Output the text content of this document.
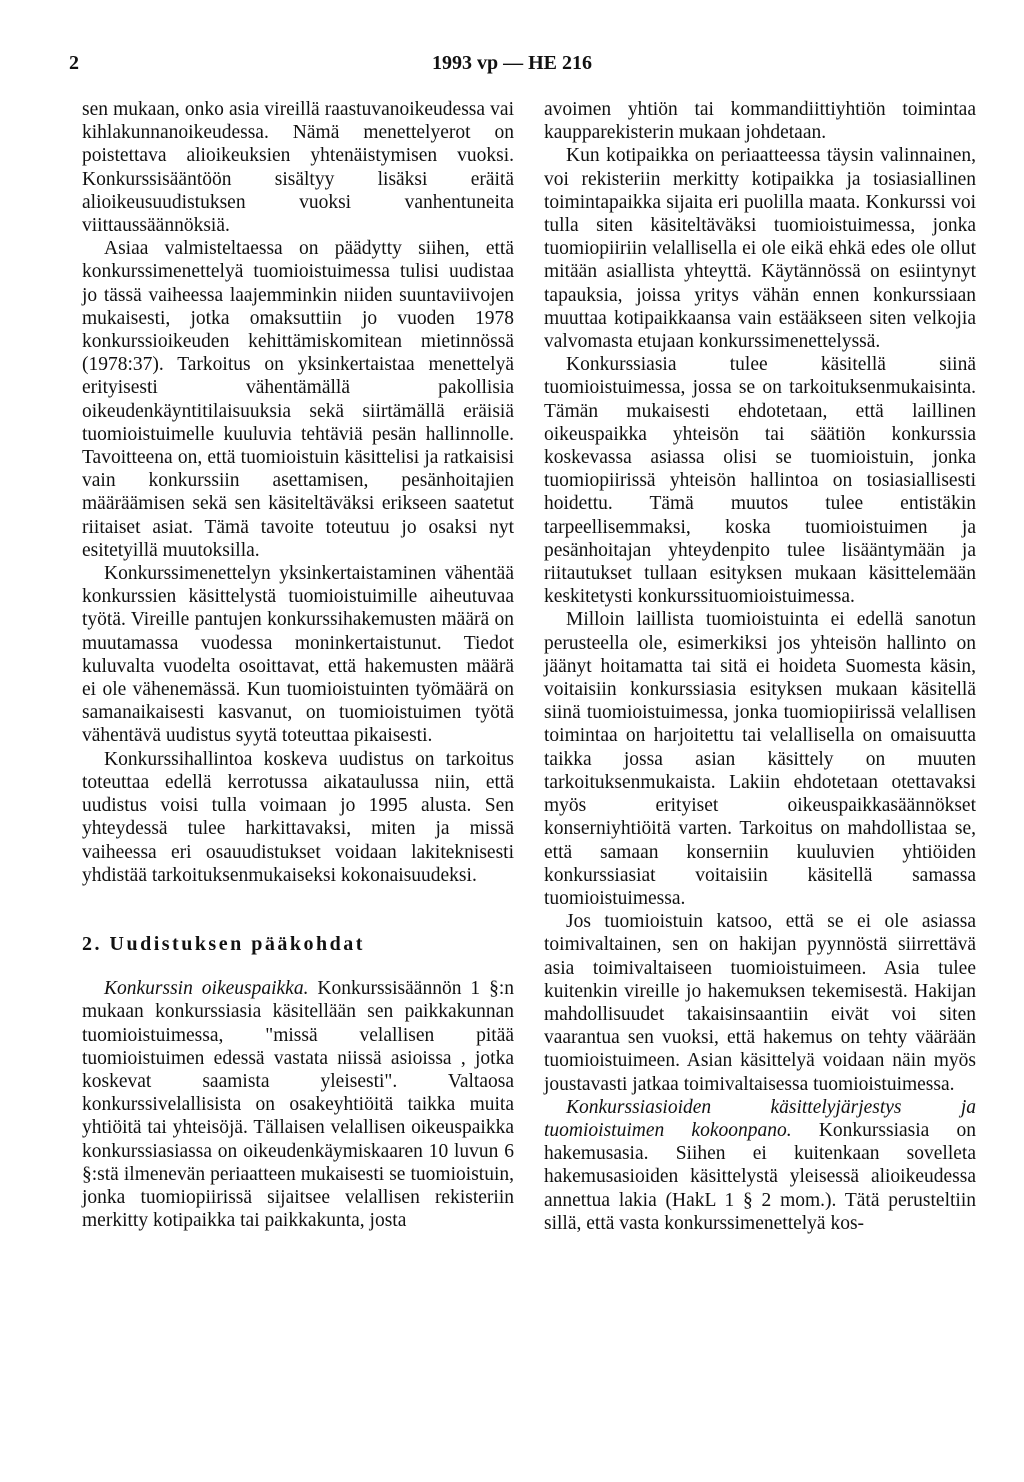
2	1993 vp — HE 216

sen mukaan, onko asia vireillä raastuvanoikeudessa vai kihlakunnanoikeudessa. Nämä menettelyerot on poistettava alioikeuksien yhtenäistymisen vuoksi. Konkurssisääntöön sisältyy lisäksi eräitä alioikeusuudistuksen vuoksi vanhentuneita viittaussäännöksiä.

Asiaa valmisteltaessa on päädytty siihen, että konkurssimenettelyä tuomioistuimessa tulisi uudistaa jo tässä vaiheessa laajemminkin niiden suuntaviivojen mukaisesti, jotka omaksuttiin jo vuoden 1978 konkurssioikeuden kehittämiskomitean mietinnössä (1978:37). Tarkoitus on yksinkertaistaa menettelyä erityisesti vähentämällä pakollisia oikeudenkäyntitilaisuuksia sekä siirtämällä eräisiä tuomioistuimelle kuuluvia tehtäviä pesän hallinnolle. Tavoitteena on, että tuomioistuin käsittelisi ja ratkaisisi vain konkurssiin asettamisen, pesänhoitajien määräämisen sekä sen käsiteltäväksi erikseen saatetut riitaiset asiat. Tämä tavoite toteutuu jo osaksi nyt esitetyillä muutoksilla.

Konkurssimenettelyn yksinkertaistaminen vähentää konkurssien käsittelystä tuomioistuimille aiheutuvaa työtä. Vireille pantujen konkurssihakemusten määrä on muutamassa vuodessa moninkertaistunut. Tiedot kuluvalta vuodelta osoittavat, että hakemusten määrä ei ole vähenemässä. Kun tuomioistuinten työmäärä on samanaikaisesti kasvanut, on tuomioistuimen työtä vähentävä uudistus syytä toteuttaa pikaisesti.

Konkurssihallintoa koskeva uudistus on tarkoitus toteuttaa edellä kerrotussa aikataulussa niin, että uudistus voisi tulla voimaan jo 1995 alusta. Sen yhteydessä tulee harkittavaksi, miten ja missä vaiheessa eri osauudistukset voidaan lakiteknisesti yhdistää tarkoituksenmukaiseksi kokonaisuudeksi.

2. Uudistuksen pääkohdat

Konkurssin oikeuspaikka. Konkurssisäännön 1 §:n mukaan konkurssiasia käsitellään sen paikkakunnan tuomioistuimessa, "missä velallisen pitää tuomioistuimen edessä vastata niissä asioissa , jotka koskevat saamista yleisesti". Valtaosa konkurssivelallisista on osakeyhtiöitä taikka muita yhtiöitä tai yhteisöjä. Tällaisen velallisen oikeuspaikka konkurssiasiassa on oikeudenkäymiskaaren 10 luvun 6 §:stä ilmenevän periaatteen mukaisesti se tuomioistuin, jonka tuomiopiirissä sijaitsee velallisen rekisteriin merkitty kotipaikka tai paikkakunta, josta

avoimen yhtiön tai kommandiittiyhtiön toimintaa kaupparekisterin mukaan johdetaan.

Kun kotipaikka on periaatteessa täysin valinnainen, voi rekisteriin merkitty kotipaikka ja tosiasiallinen toimintapaikka sijaita eri puolilla maata. Konkurssi voi tulla siten käsiteltäväksi tuomioistuimessa, jonka tuomiopiiriin velallisella ei ole eikä ehkä edes ole ollut mitään asiallista yhteyttä. Käytännössä on esiintynyt tapauksia, joissa yritys vähän ennen konkurssiaan muuttaa kotipaikkaansa vain estääkseen siten velkojia valvomasta etujaan konkurssimenettelyssä.

Konkurssiasia tulee käsitellä siinä tuomioistuimessa, jossa se on tarkoituksenmukaisinta. Tämän mukaisesti ehdotetaan, että laillinen oikeuspaikka yhteisön tai säätiön konkurssia koskevassa asiassa olisi se tuomioistuin, jonka tuomiopiirissä yhteisön hallintoa on tosiasiallisesti hoidettu. Tämä muutos tulee entistäkin tarpeellisemmaksi, koska tuomioistuimen ja pesänhoitajan yhteydenpito tulee lisääntymään ja riitautukset tullaan esityksen mukaan käsittelemään keskitetysti konkurssituomioistuimessa.

Milloin laillista tuomioistuinta ei edellä sanotun perusteella ole, esimerkiksi jos yhteisön hallinto on jäänyt hoitamatta tai sitä ei hoideta Suomesta käsin, voitaisiin konkurssiasia esityksen mukaan käsitellä siinä tuomioistuimessa, jonka tuomiopiirissä velallisen toimintaa on harjoitettu tai velallisella on omaisuutta taikka jossa asian käsittely on muuten tarkoituksenmukaista. Lakiin ehdotetaan otettavaksi myös erityiset oikeuspaikkasäännökset konserniyhtiöitä varten. Tarkoitus on mahdollistaa se, että samaan konserniin kuuluvien yhtiöiden konkurssiasiat voitaisiin käsitellä samassa tuomioistuimessa.

Jos tuomioistuin katsoo, että se ei ole asiassa toimivaltainen, sen on hakijan pyynnöstä siirrettävä asia toimivaltaiseen tuomioistuimeen. Asia tulee kuitenkin vireille jo hakemuksen tekemisestä. Hakijan mahdollisuudet takaisinsaantiin eivät voi siten vaarantua sen vuoksi, että hakemus on tehty väärään tuomioistuimeen. Asian käsittelyä voidaan näin myös joustavasti jatkaa toimivaltaisessa tuomioistuimessa.

Konkurssiasioiden käsittelyjärjestys ja tuomioistuimen kokoonpano. Konkurssiasia on hakemusasia. Siihen ei kuitenkaan sovelleta hakemusasioiden käsittelystä yleisessä alioikeudessa annettua lakia (HakL 1 § 2 mom.). Tätä perusteltiin sillä, että vasta konkurssimenettelyä kos-
